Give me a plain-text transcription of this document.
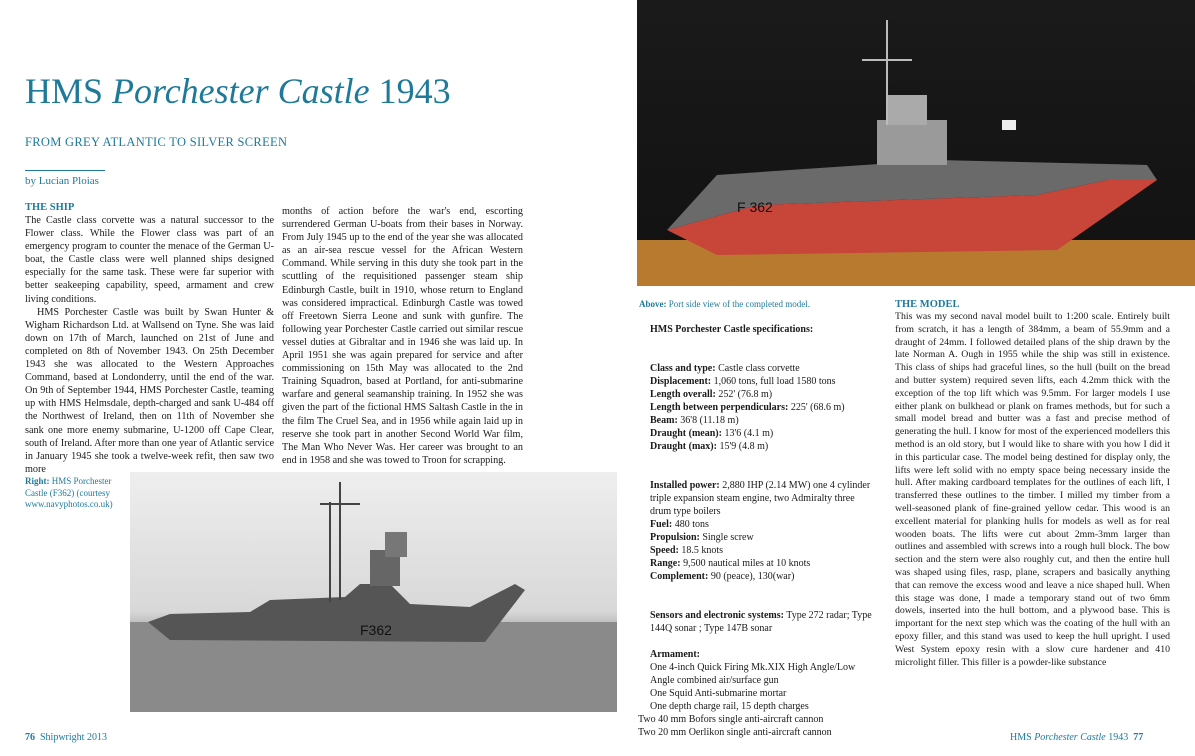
HMS Porchester Castle 1943
FROM GREY ATLANTIC TO SILVER SCREEN
by Lucian Ploias

THE SHIP

The Castle class corvette was a natural successor to the Flower class. While the Flower class was part of an emergency program to counter the menace of the German U-boat, the Castle class were well planned ships designed especially for the same task. These were far superior with better seakeeping capability, speed, armament and crew living conditions.

HMS Porchester Castle was built by Swan Hunter & Wigham Richardson Ltd. at Wallsend on Tyne. She was laid down on 17th of March, launched on 21st of June and completed on 8th of November 1943. On 25th December 1943 she was allocated to the Western Approaches Command, based at Londonderry, until the end of the war. On 9th of September 1944, HMS Porchester Castle, teaming up with HMS Helmsdale, depth-charged and sank U-484 off the Northwest of Ireland, then on 11th of November she sank one more enemy submarine, U-1200 off Cape Clear, south of Ireland. After more than one year of Atlantic service in January 1945 she took a twelve-week refit, then saw two more

months of action before the war's end, escorting surrendered German U-boats from their bases in Norway. From July 1945 up to the end of the year she was allocated as an air-sea rescue vessel for the African Western Command. While serving in this duty she took part in the scuttling of the requisitioned passenger steam ship Edinburgh Castle, built in 1910, whose return to England was considered impractical. Edinburgh Castle was towed off Freetown Sierra Leone and sunk with gunfire. The following year Porchester Castle carried out similar rescue vessel duties at Gibraltar and in 1946 she was laid up. In April 1951 she was again prepared for service and after commissioning on 15th May was allocated to the 2nd Training Squadron, based at Portland, for anti-submarine warfare and general seamanship training. In 1952 she was given the part of the fictional HMS Saltash Castle in the in the film The Cruel Sea, and in 1956 while again laid up in reserve she took part in another Second World War film, The Man Who Never Was. Her career was brought to an end in 1958 and she was towed to Troon for scrapping.

Right: HMS Porchester Castle (F362) (courtesy www.navyphotos.co.uk)
F362
76 Shipwright 2013
F 362
Above: Port side view of the completed model.

HMS Porchester Castle specifications:

Class and type: Castle class corvette

Displacement: 1,060 tons, full load 1580 tons

Length overall: 252' (76.8 m)

Length between perpendiculars: 225' (68.6 m)

Beam: 36'8 (11.18 m)

Draught (mean): 13'6 (4.1 m)

Draught (max): 15'9 (4.8 m)

Installed power: 2,880 IHP (2.14 MW) one 4 cylinder triple expansion steam engine, two Admiralty three drum type boilers

Fuel: 480 tons

Propulsion: Single screw

Speed: 18.5 knots

Range: 9,500 nautical miles at 10 knots

Complement: 90 (peace), 130(war)

Sensors and electronic systems: Type 272 radar; Type 144Q sonar ; Type 147B sonar

Armament:

One 4-inch Quick Firing Mk.XIX High Angle/Low Angle combined air/surface gun

One Squid Anti-submarine mortar

One depth charge rail, 15 depth charges

Two 40 mm Bofors single anti-aircraft cannon

Two 20 mm Oerlikon single anti-aircraft cannon

THE MODEL

This was my second naval model built to 1:200 scale. Entirely built from scratch, it has a length of 384mm, a beam of 55.9mm and a draught of 24mm. I followed detailed plans of the ship drawn by the late Norman A. Ough in 1955 while the ship was still in existence. This class of ships had graceful lines, so the hull (built on the bread and butter system) required seven lifts, each 4.2mm thick with the exception of the top lift which was 9.5mm. For larger models I use either plank on bulkhead or plank on frames methods, but for such a small model bread and butter was a fast and precise method of generating the hull. I know for most of the experienced modellers this method is an old story, but I would like to share with you how I did it in this particular case. The model being destined for display only, the lifts were left solid with no empty space being necessary inside the hull. After making cardboard templates for the outlines of each lift, I transferred these outlines to the timber. I milled my timber from a well-seasoned plank of fine-grained yellow cedar. This wood is an excellent material for planking hulls for models as well as for real wooden boats. The lifts were cut about 2mm-3mm larger than outlines and assembled with screws into a rough hull block. The bow section and the stern were also roughly cut, and then the entire hull was shaped using files, rasp, plane, scrapers and basically anything that can remove the excess wood and leave a nice shaped hull. When this stage was done, I made a temporary stand out of two 6mm dowels, inserted into the hull bottom, and a plywood base. This is important for the next step which was the coating of the hull with an epoxy filler, and this stand was used to keep the hull upright. I used West System epoxy resin with a slow cure hardener and 410 microlight filler. This filler is a powder-like substance

HMS Porchester Castle 1943 77
